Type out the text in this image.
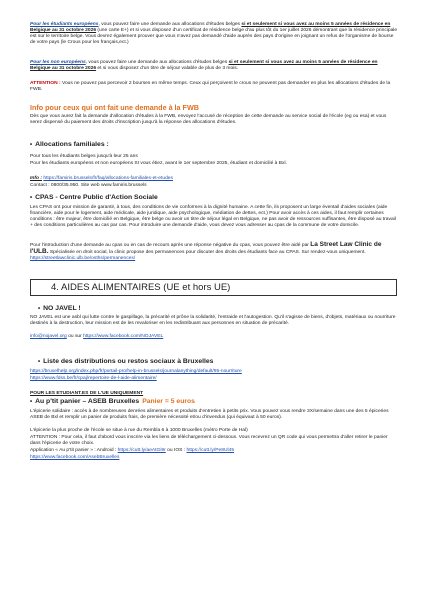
Pour les étudiants européens, vous pouvez faire une demande aux allocations d'études belges si et seulement si vous avez au moins 5 années de résidence en Belgique au 31 octobre 2026 (une carte E+) et si vous disposez d'un certificat de résidence belge d'au plus tôt du 1er juillet 2026 démontrant que la résidence principale est sur le territoire belge. Vous devrez également prouver que vous n'avez pas demandé d'aide auprès des pays d'origine en joignant un refus de l'organisme de bourse de votre pays (le Crous pour les français,ect.)

Pour les non européens, vous pouvez faire une demande aux allocations d'études belges si et seulement si vous avez au moins 5 années de résidence en Belgique au 31 octobre 2026 et si vous disposez d'un titre de séjour valable de plus de 3 mois.

ATTENTION : Vous ne pouvez pas percevoir 2 bourses en même temps. Ceux qui perçoivent le crous ne peuvent pas demander en plus les allocations d'études de la FWB.

Info pour ceux qui ont fait une demande à la FWB

Dès que vous aurez fait la demande d'allocation d'études à la FWB, envoyez l'accusé de réception de cette demande au service social de l'école (eg ou esa) et vous serez dispensé du paiement des droits d'inscription jusqu'à la réponse des allocations d'études.

• Allocations familiales :

Pour tous les étudiants belges jusqu'à leur 25 ans

Pour les étudiants européens et non européens SI vous étiez, avant le 1er septembre 2025, étudiant et domicilié à Bxl.

Info : https://famiris.brussels/fr/faq/allocations-familiales-et-etudes

Contact : 0800/35.950. Site web www.famiris.brussels

• CPAS - Centre Public d'Action Sociale

Les CPAS ont pour mission de garantir, à tous, des conditions de vie conformes à la dignité humaine. A cette fin, ils proposent un large éventail d'aides sociales (aide financière, aide pour le logement, aide médicale, aide juridique, aide psychologique, médiation de dettes, ect.) Pour avoir accès à ces aides, il faut remplir certaines conditions : être majeur, être domicilié en Belgique, être belge ou avoir un titre de séjour légal en Belgique, ne pas avoir de ressources suffisantes, être disposé au travail + des conditions particulières au cas par cas. Pour introduire une demande d'aide, vous devez vous adresser au cpas de la commune de votre domicile.

Pour l'introduction d'une demande au cpas ou en cas de recours après une réponse négative du cpas, vous pouvez être aidé par La Street Law Clinic de l'ULB. Spécialisée en droit social, la clinic propose des permanences pour discuter des droits des étudiants face au CPAS. Sur rendez-vous uniquement. https://streetlawclinic.ulb.be/osths/permanences/

4. AIDES ALIMENTAIRES (UE et hors UE)
• NO JAVEL !

NO JAVEL est une asbl qui lutte contre le gaspillage, la précarité et prône la solidarité, l'entraide et l'autogestion. Qu'il s'agisse de biens, d'objets, matériaux ou nourriture destinés à la destruction, leur mission est de les revaloriser en les redistribuant aux personnes en situation de précarité.

info@nojavel.org ou sur https://www.facebook.com/NOJAVEL

• Liste des distributions ou restos sociaux à Bruxelles

https://bruxelhelp.org/index.php/fr/portail-pro/help-in-brussels/journalanything/default/95-nourriture

https://www.fdss.be/fr/cpaj/repertoire-de-l-aide-alimentaire/

POUR LES ETUDIANT.ES DE L'UE UNIQUEMENT

• Au p'tit panier – ASEB Bruxelles Panier = 5 euros

L'épicerie solidaire : accès à de nombreuses denrées alimentaires et produits d'entretien à petits prix. Vous pouvez vous rendre 3X/semaine dans une des 5 épiceries ASEB de Bxl et remplir un panier de produits frais, de première nécessité et/ou d'invendus (qui équivaut à 50 euros).

L'épicerie la plus proche de l'école se situe à rue du Rembla 6 à 1000 Bruxelles (métro Porte de Hal)

ATTENTION : Pour cela, il faut d'abord vous inscrire via les liens de téléchargement ci-dessous. Vous recevrez un QR code qui vous permettra d'aller retirer le panier dans l'épicerie de votre choix.

Application « Au p'tit panier » : Android : https://cutt.ly/aeAtGi9r ou IOS : https://cutt.ly/Pe8Ul45

https://www.facebook.com/AsebBruxelles
